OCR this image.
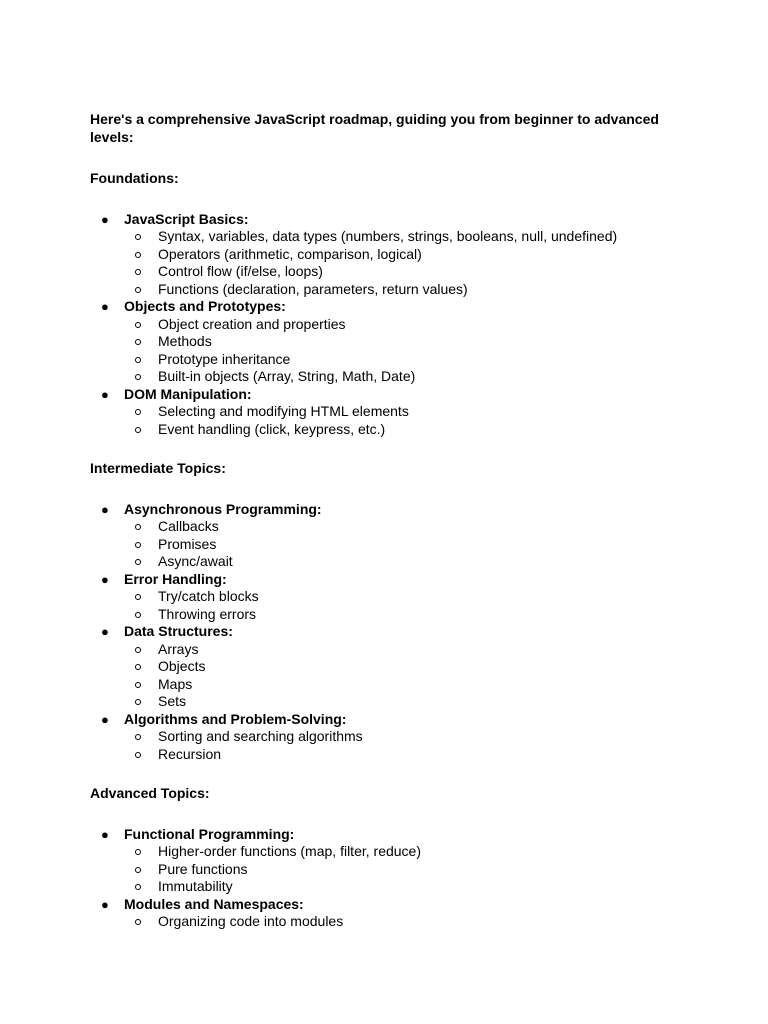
Here's a comprehensive JavaScript roadmap, guiding you from beginner to advanced levels:

Foundations:

● JavaScript Basics:
Syntax, variables, data types (numbers, strings, booleans, null, undefined)
Operators (arithmetic, comparison, logical)
Control flow (if/else, loops)
Functions (declaration, parameters, return values)
● Objects and Prototypes:
Object creation and properties
Methods
Prototype inheritance
Built-in objects (Array, String, Math, Date)
● DOM Manipulation:
Selecting and modifying HTML elements
Event handling (click, keypress, etc.)

Intermediate Topics:

● Asynchronous Programming:
Callbacks
Promises
Async/await
● Error Handling:
Try/catch blocks
Throwing errors
● Data Structures:
Arrays
Objects
Maps
Sets
● Algorithms and Problem-Solving:
Sorting and searching algorithms
Recursion

Advanced Topics:

● Functional Programming:
Higher-order functions (map, filter, reduce)
Pure functions
Immutability
● Modules and Namespaces:
Organizing code into modules
